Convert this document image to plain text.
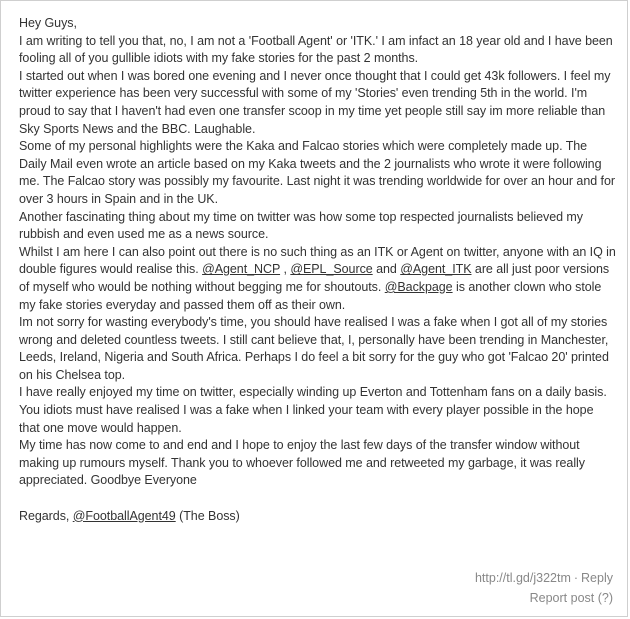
Hey Guys,

I am writing to tell you that, no, I am not a 'Football Agent' or 'ITK.' I am infact an 18 year old and I have been fooling all of you gullible idiots with my fake stories for the past 2 months.

I started out when I was bored one evening and I never once thought that I could get 43k followers. I feel my twitter experience has been very successful with some of my 'Stories' even trending 5th in the world. I'm proud to say that I haven't had even one transfer scoop in my time yet people still say im more reliable than Sky Sports News and the BBC. Laughable.

Some of my personal highlights were the Kaka and Falcao stories which were completely made up. The Daily Mail even wrote an article based on my Kaka tweets and the 2 journalists who wrote it were following me. The Falcao story was possibly my favourite. Last night it was trending worldwide for over an hour and for over 3 hours in Spain and in the UK.

Another fascinating thing about my time on twitter was how some top respected journalists believed my rubbish and even used me as a news source.

Whilst I am here I can also point out there is no such thing as an ITK or Agent on twitter, anyone with an IQ in double figures would realise this. @Agent_NCP , @EPL_Source and @Agent_ITK are all just poor versions of myself who would be nothing without begging me for shoutouts. @Backpage is another clown who stole my fake stories everyday and passed them off as their own.

Im not sorry for wasting everybody's time, you should have realised I was a fake when I got all of my stories wrong and deleted countless tweets. I still cant believe that, I, personally have been trending in Manchester, Leeds, Ireland, Nigeria and South Africa. Perhaps I do feel a bit sorry for the guy who got 'Falcao 20' printed on his Chelsea top.

I have really enjoyed my time on twitter, especially winding up Everton and Tottenham fans on a daily basis. You idiots must have realised I was a fake when I linked your team with every player possible in the hope that one move would happen.

My time has now come to and end and I hope to enjoy the last few days of the transfer window without making up rumours myself. Thank you to whoever followed me and retweeted my garbage, it was really appreciated. Goodbye Everyone

Regards, @FootballAgent49 (The Boss)

http://tl.gd/j322tm · Reply
Report post (?)
